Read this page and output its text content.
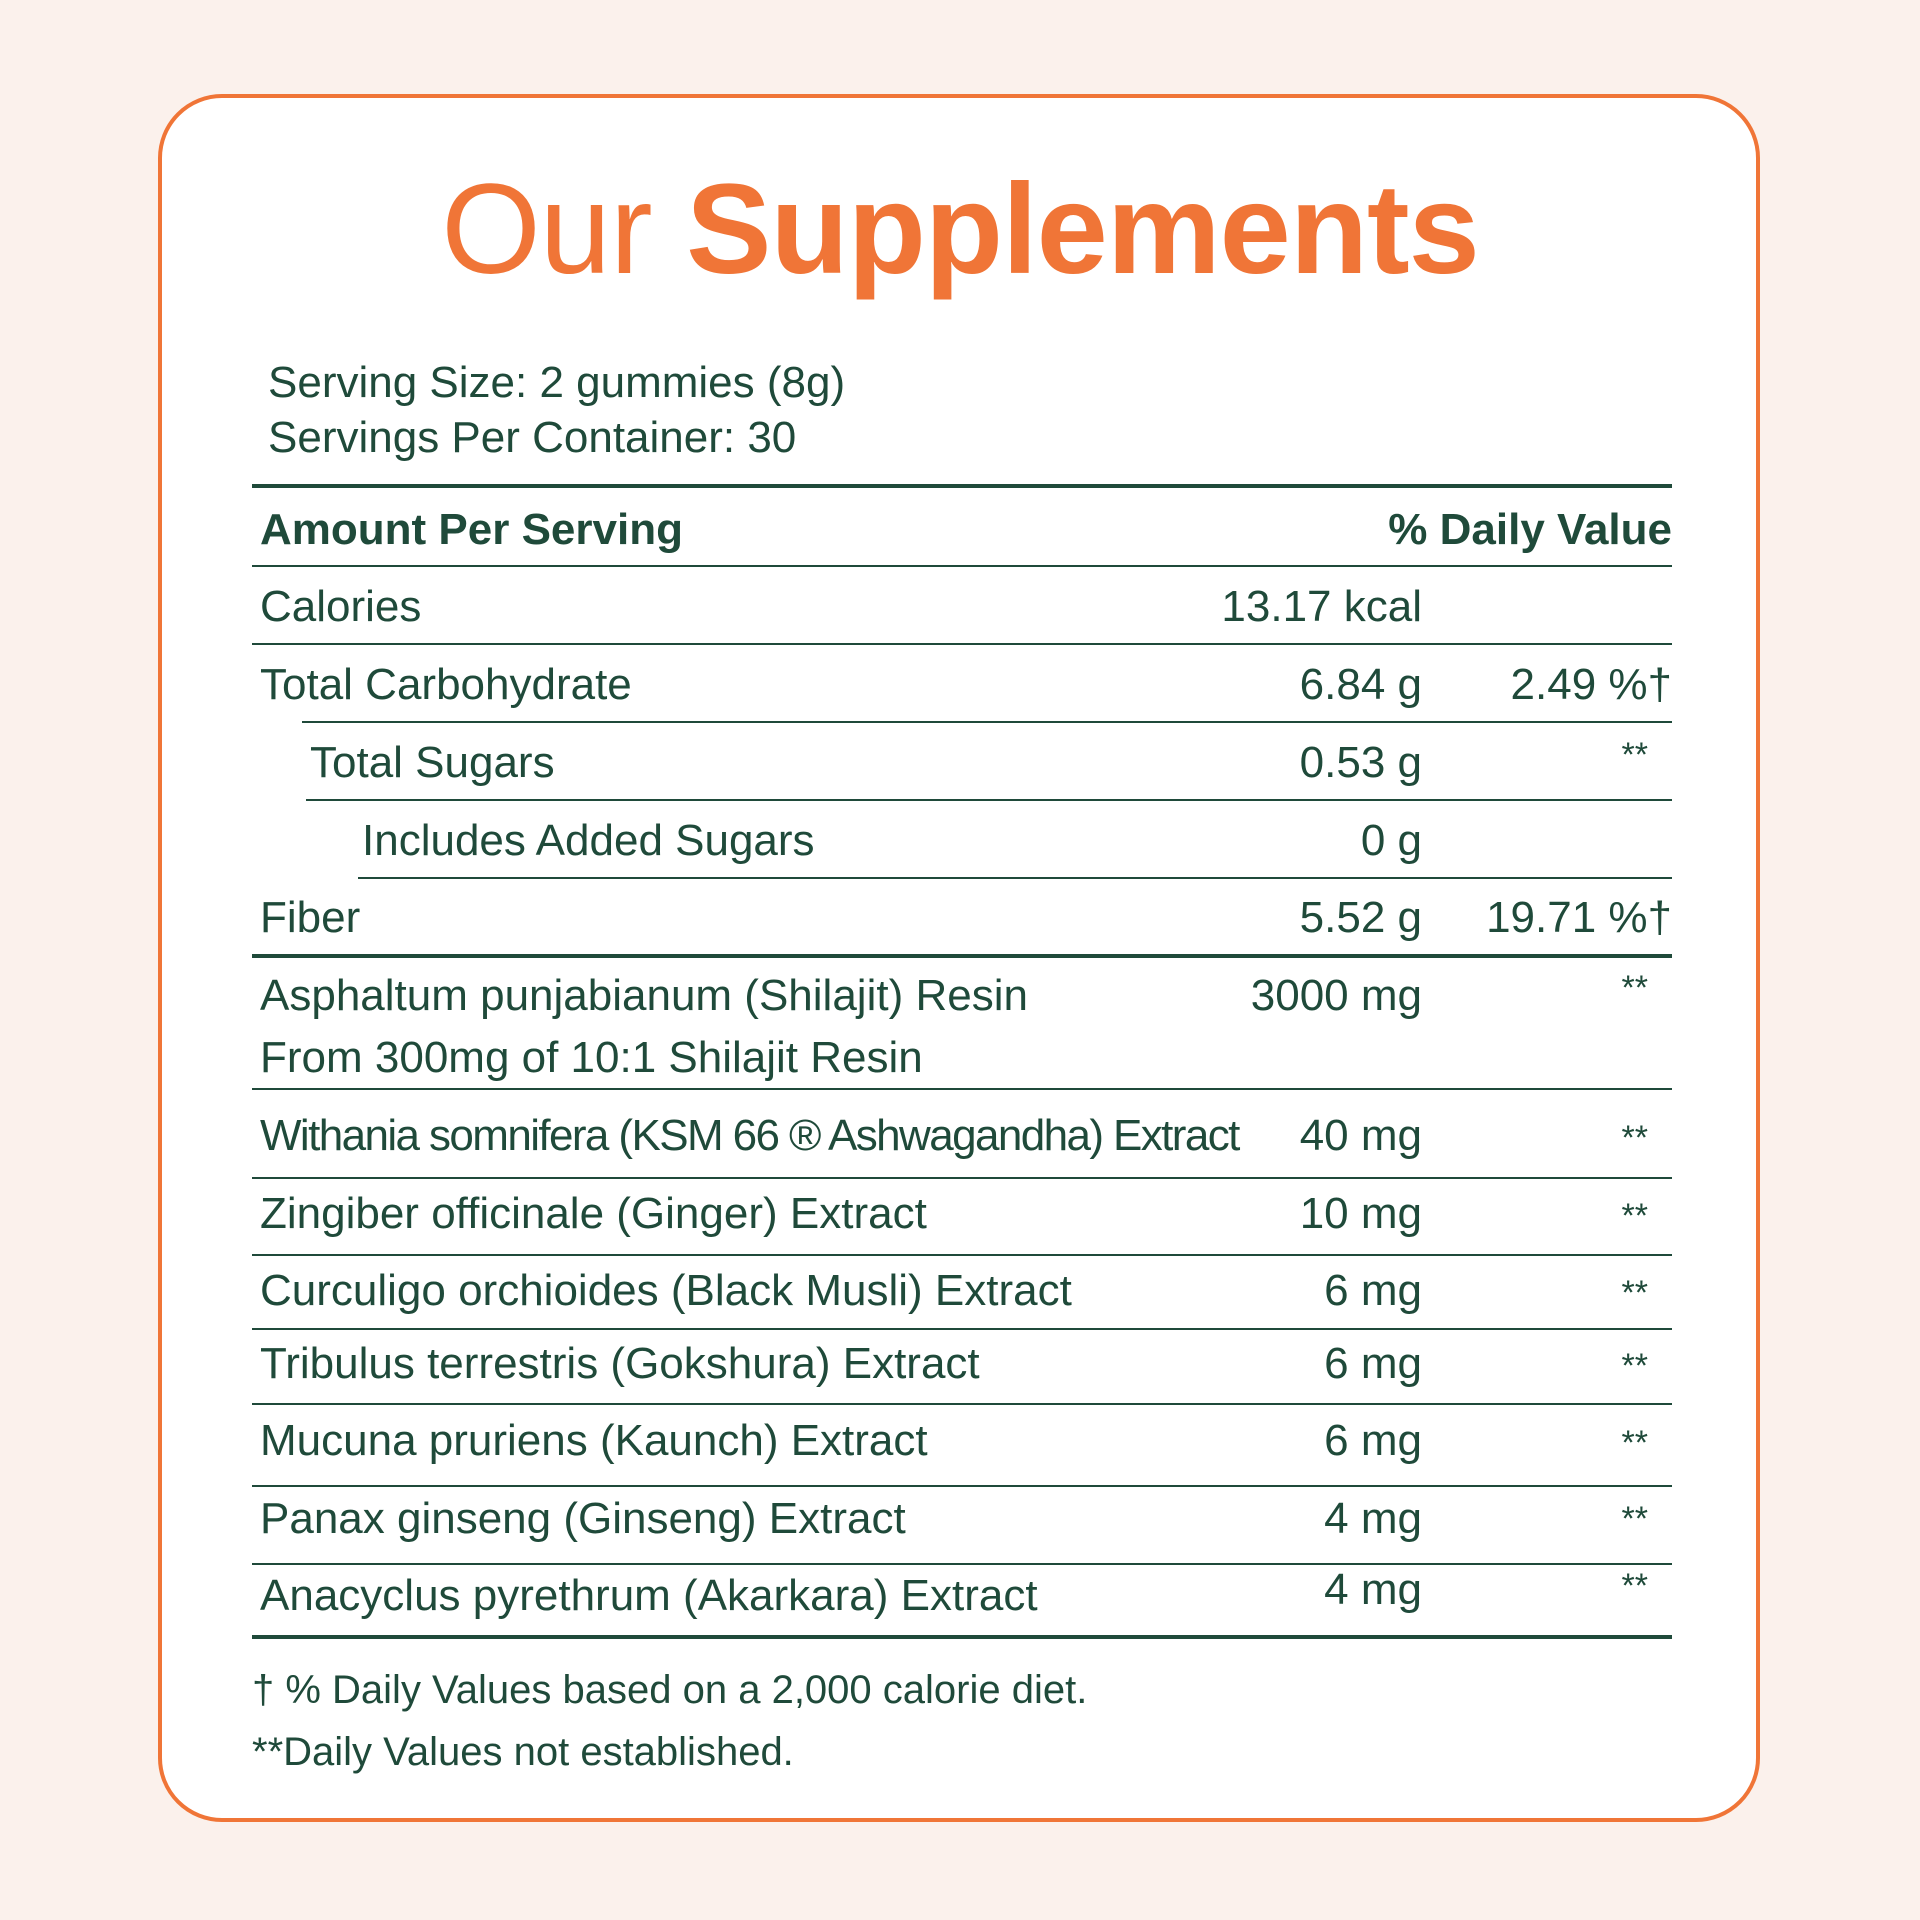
Our Supplements
Serving Size: 2 gummies (8g)
Servings Per Container: 30
Amount Per Serving	% Daily Value
Calories	13.17 kcal
Total Carbohydrate	6.84 g 2.49 %†
Total Sugars	0.53 g	**
Includes Added Sugars	0 g
Fiber	5.52 g 19.71 %†
Asphaltum punjabianum (Shilajit) Resin
From 300mg of 10:1 Shilajit Resin
3000 mg	**
Withania somnifera (KSM 66 ® Ashwagandha) Extract 40 mg	**
Zingiber officinale (Ginger) Extract	10 mg	**
Curculigo orchioides (Black Musli) Extract	6 mg	**
Tribulus terrestris (Gokshura) Extract	6 mg	**
Mucuna pruriens (Kaunch) Extract	6 mg	**
Panax ginseng (Ginseng) Extract	4 mg	**
Anacyclus pyrethrum (Akarkara) Extract	4 mg	**
† % Daily Values based on a 2,000 calorie diet.
**Daily Values not established.
